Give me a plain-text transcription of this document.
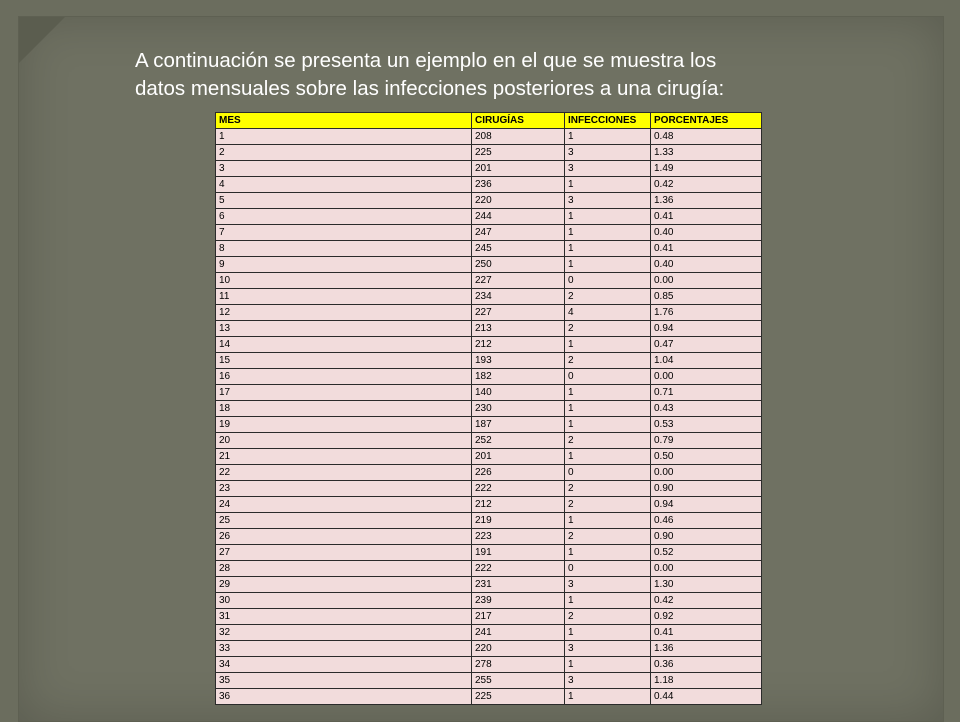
A continuación se presenta un ejemplo en el que se muestra los
datos mensuales sobre las infecciones posteriores a una cirugía:

MES	CIRUGÍAS	INFECCIONES	PORCENTAJES
1	208	1	0.48
2	225	3	1.33
3	201	3	1.49
4	236	1	0.42
5	220	3	1.36
6	244	1	0.41
7	247	1	0.40
8	245	1	0.41
9	250	1	0.40
10	227	0	0.00
11	234	2	0.85
12	227	4	1.76
13	213	2	0.94
14	212	1	0.47
15	193	2	1.04
16	182	0	0.00
17	140	1	0.71
18	230	1	0.43
19	187	1	0.53
20	252	2	0.79
21	201	1	0.50
22	226	0	0.00
23	222	2	0.90
24	212	2	0.94
25	219	1	0.46
26	223	2	0.90
27	191	1	0.52
28	222	0	0.00
29	231	3	1.30
30	239	1	0.42
31	217	2	0.92
32	241	1	0.41
33	220	3	1.36
34	278	1	0.36
35	255	3	1.18
36	225	1	0.44
